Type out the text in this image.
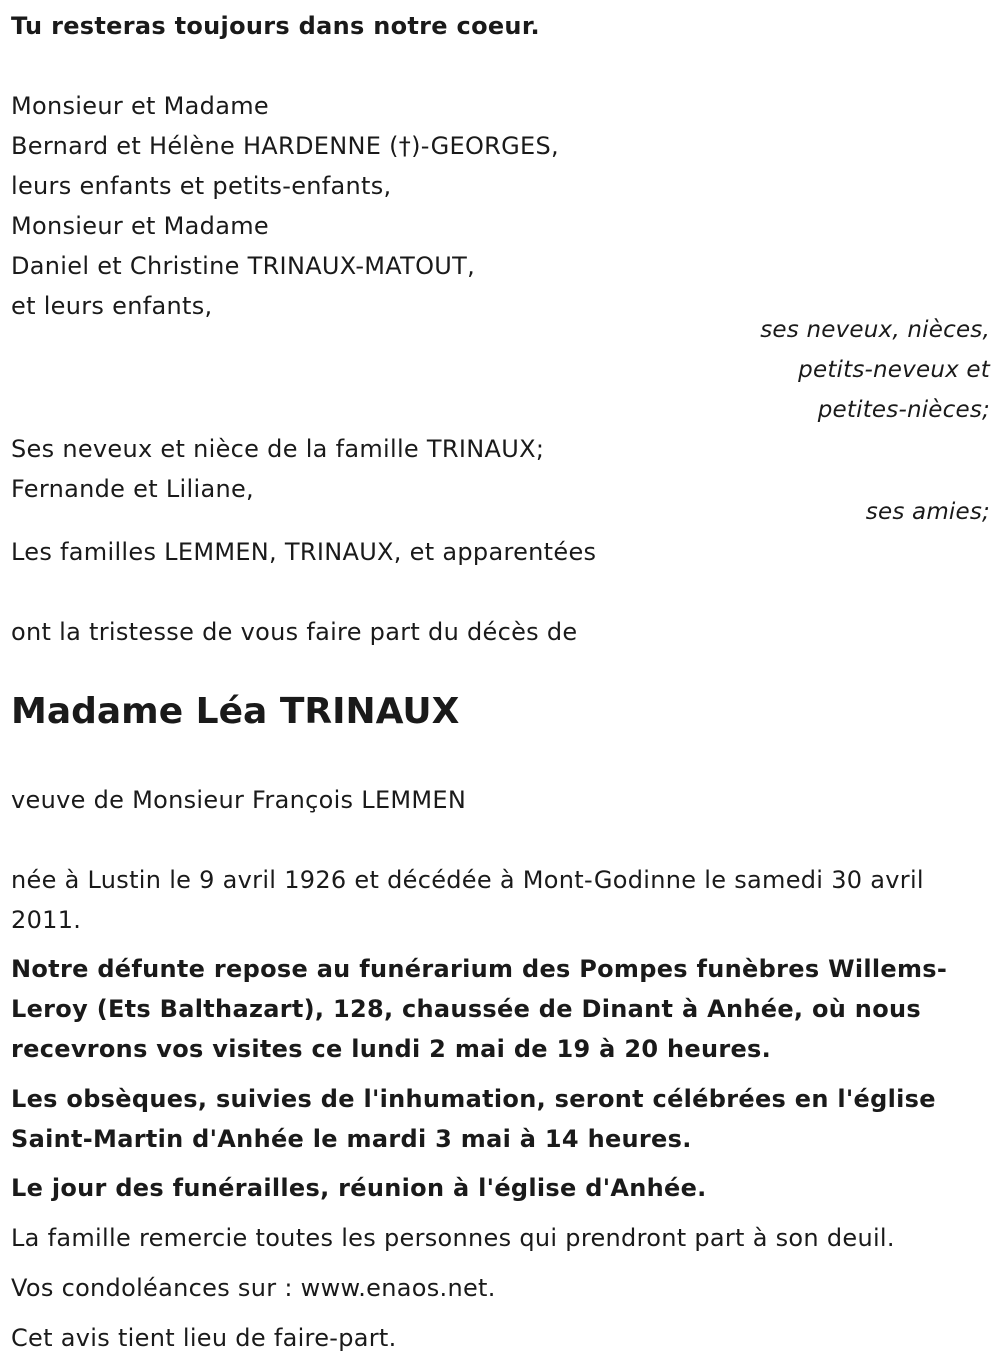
Tu resteras toujours dans notre coeur.

Monsieur et Madame

Bernard et Hélène HARDENNE (†)-GEORGES,

leurs enfants et petits-enfants,

Monsieur et Madame

Daniel et Christine TRINAUX-MATOUT,

et leurs enfants,

ses neveux, nièces,

petits-neveux et

petites-nièces;

Ses neveux et nièce de la famille TRINAUX;

Fernande et Liliane,

ses amies;

Les familles LEMMEN, TRINAUX, et apparentées

ont la tristesse de vous faire part du décès de

Madame Léa TRINAUX

veuve de Monsieur François LEMMEN

née à Lustin le 9 avril 1926 et décédée à Mont-Godinne le samedi 30 avril 2011.

Notre défunte repose au funérarium des Pompes funèbres Willems-Leroy (Ets Balthazart), 128, chaussée de Dinant à Anhée, où nous recevrons vos visites ce lundi 2 mai de 19 à 20 heures.

Les obsèques, suivies de l'inhumation, seront célébrées en l'église Saint-Martin d'Anhée le mardi 3 mai à 14 heures.

Le jour des funérailles, réunion à l'église d'Anhée.

La famille remercie toutes les personnes qui prendront part à son deuil.

Vos condoléances sur : www.enaos.net.

Cet avis tient lieu de faire-part.
